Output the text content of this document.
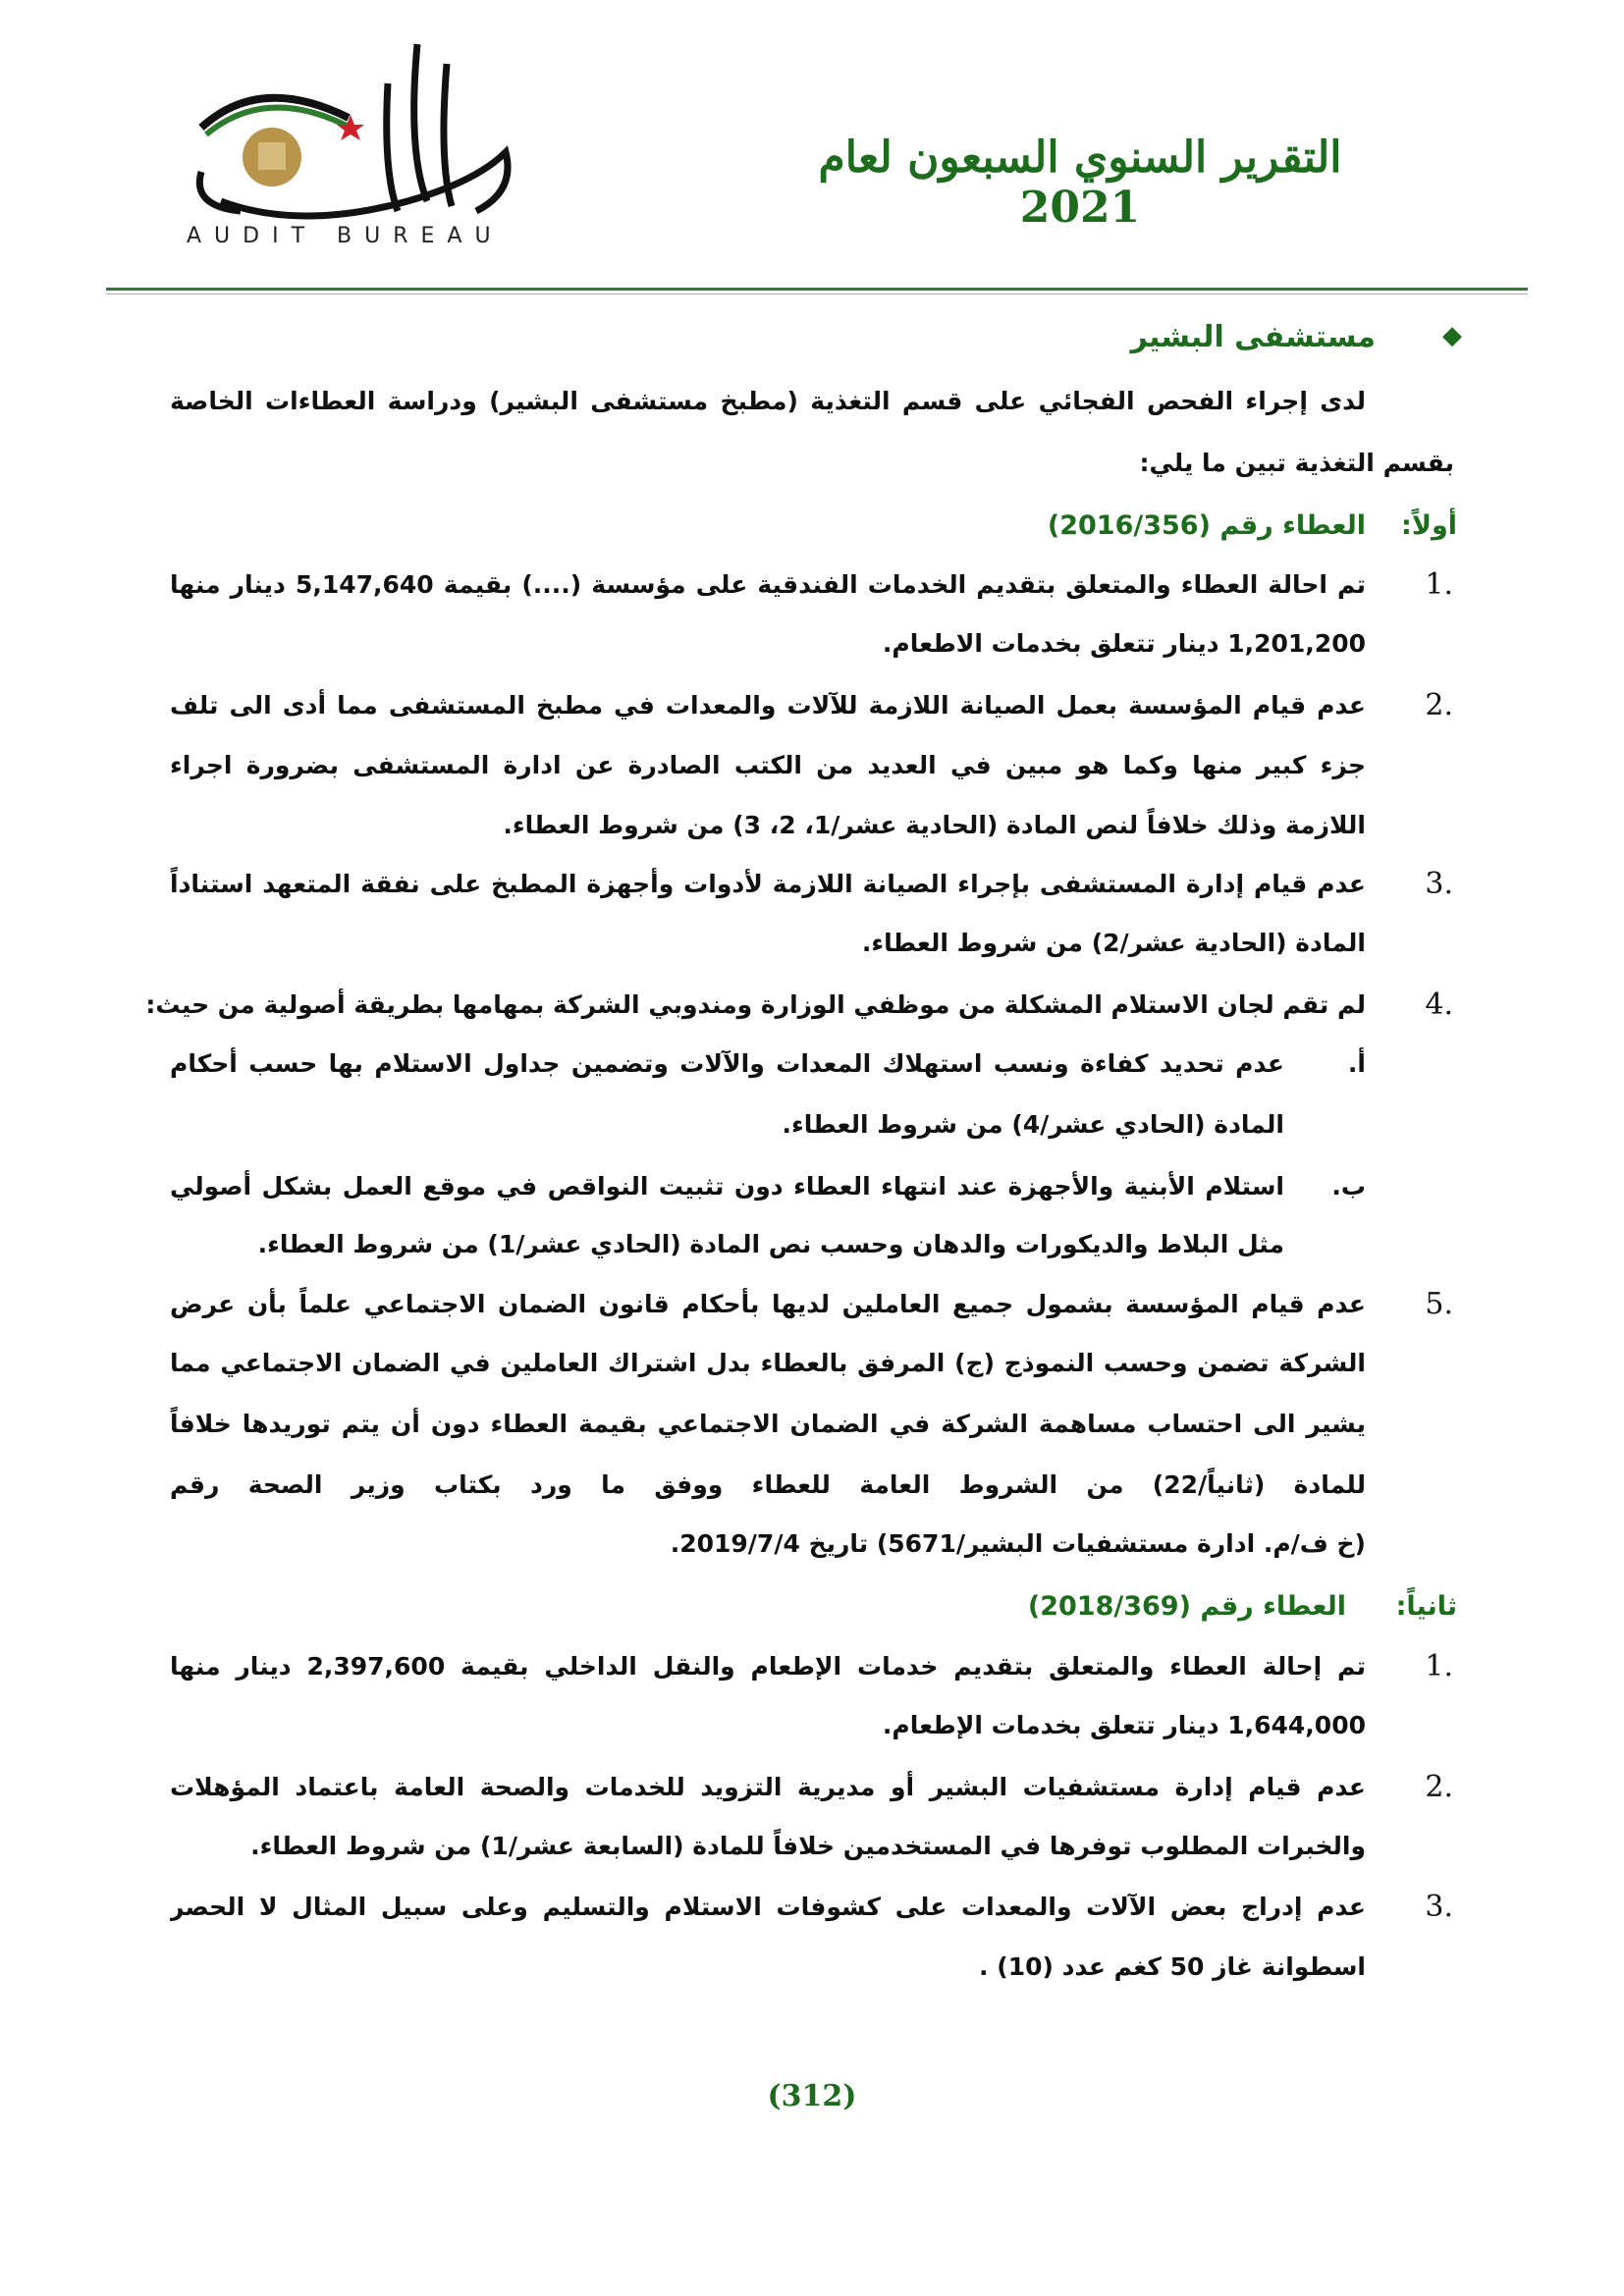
AUDIT BUREAU
التقرير السنوي السبعون لعام 2021
◆
مستشفى البشير
لدى إجراء الفحص الفجائي على قسم التغذية (مطبخ مستشفى البشير) ودراسة العطاءات الخاصة
بقسم التغذية تبين ما يلي:
أولاً:
العطاء رقم (2016/356)
1.
تم احالة العطاء والمتعلق بتقديم الخدمات الفندقية على مؤسسة (....) بقيمة 5,147,640 دينار منها
1,201,200 دينار تتعلق بخدمات الاطعام.
2.
عدم قيام المؤسسة بعمل الصيانة اللازمة للآلات والمعدات في مطبخ المستشفى مما أدى الى تلف
جزء كبير منها وكما هو مبين في العديد من الكتب الصادرة عن ادارة المستشفى بضرورة اجراء
اللازمة وذلك خلافاً لنص المادة (الحادية عشر/1، 2، 3) من شروط العطاء.
3.
عدم قيام إدارة المستشفى بإجراء الصيانة اللازمة لأدوات وأجهزة المطبخ على نفقة المتعهد استناداً
المادة (الحادية عشر/2) من شروط العطاء.
4.
لم تقم لجان الاستلام المشكلة من موظفي الوزارة ومندوبي الشركة بمهامها بطريقة أصولية من حيث:
أ.
عدم تحديد كفاءة ونسب استهلاك المعدات والآلات وتضمين جداول الاستلام بها حسب أحكام
المادة (الحادي عشر/4) من شروط العطاء.
ب.
استلام الأبنية والأجهزة عند انتهاء العطاء دون تثبيت النواقص في موقع العمل بشكل أصولي
مثل البلاط والديكورات والدهان وحسب نص المادة (الحادي عشر/1) من شروط العطاء.
5.
عدم قيام المؤسسة بشمول جميع العاملين لديها بأحكام قانون الضمان الاجتماعي علماً بأن عرض
الشركة تضمن وحسب النموذج (ج) المرفق بالعطاء بدل اشتراك العاملين في الضمان الاجتماعي مما
يشير الى احتساب مساهمة الشركة في الضمان الاجتماعي بقيمة العطاء دون أن يتم توريدها خلافاً
للمادة (ثانياً/22) من الشروط العامة للعطاء ووفق ما ورد بكتاب وزير الصحة رقم
(خ ف/م. ادارة مستشفيات البشير/5671) تاريخ 2019/7/4.
ثانياً:
العطاء رقم (2018/369)
1.
تم إحالة العطاء والمتعلق بتقديم خدمات الإطعام والنقل الداخلي بقيمة 2,397,600 دينار منها
1,644,000 دينار تتعلق بخدمات الإطعام.
2.
عدم قيام إدارة مستشفيات البشير أو مديرية التزويد للخدمات والصحة العامة باعتماد المؤهلات
والخبرات المطلوب توفرها في المستخدمين خلافاً للمادة (السابعة عشر/1) من شروط العطاء.
3.
عدم إدراج بعض الآلات والمعدات على كشوفات الاستلام والتسليم وعلى سبيل المثال لا الحصر
اسطوانة غاز 50 كغم عدد (10) .
(312)
